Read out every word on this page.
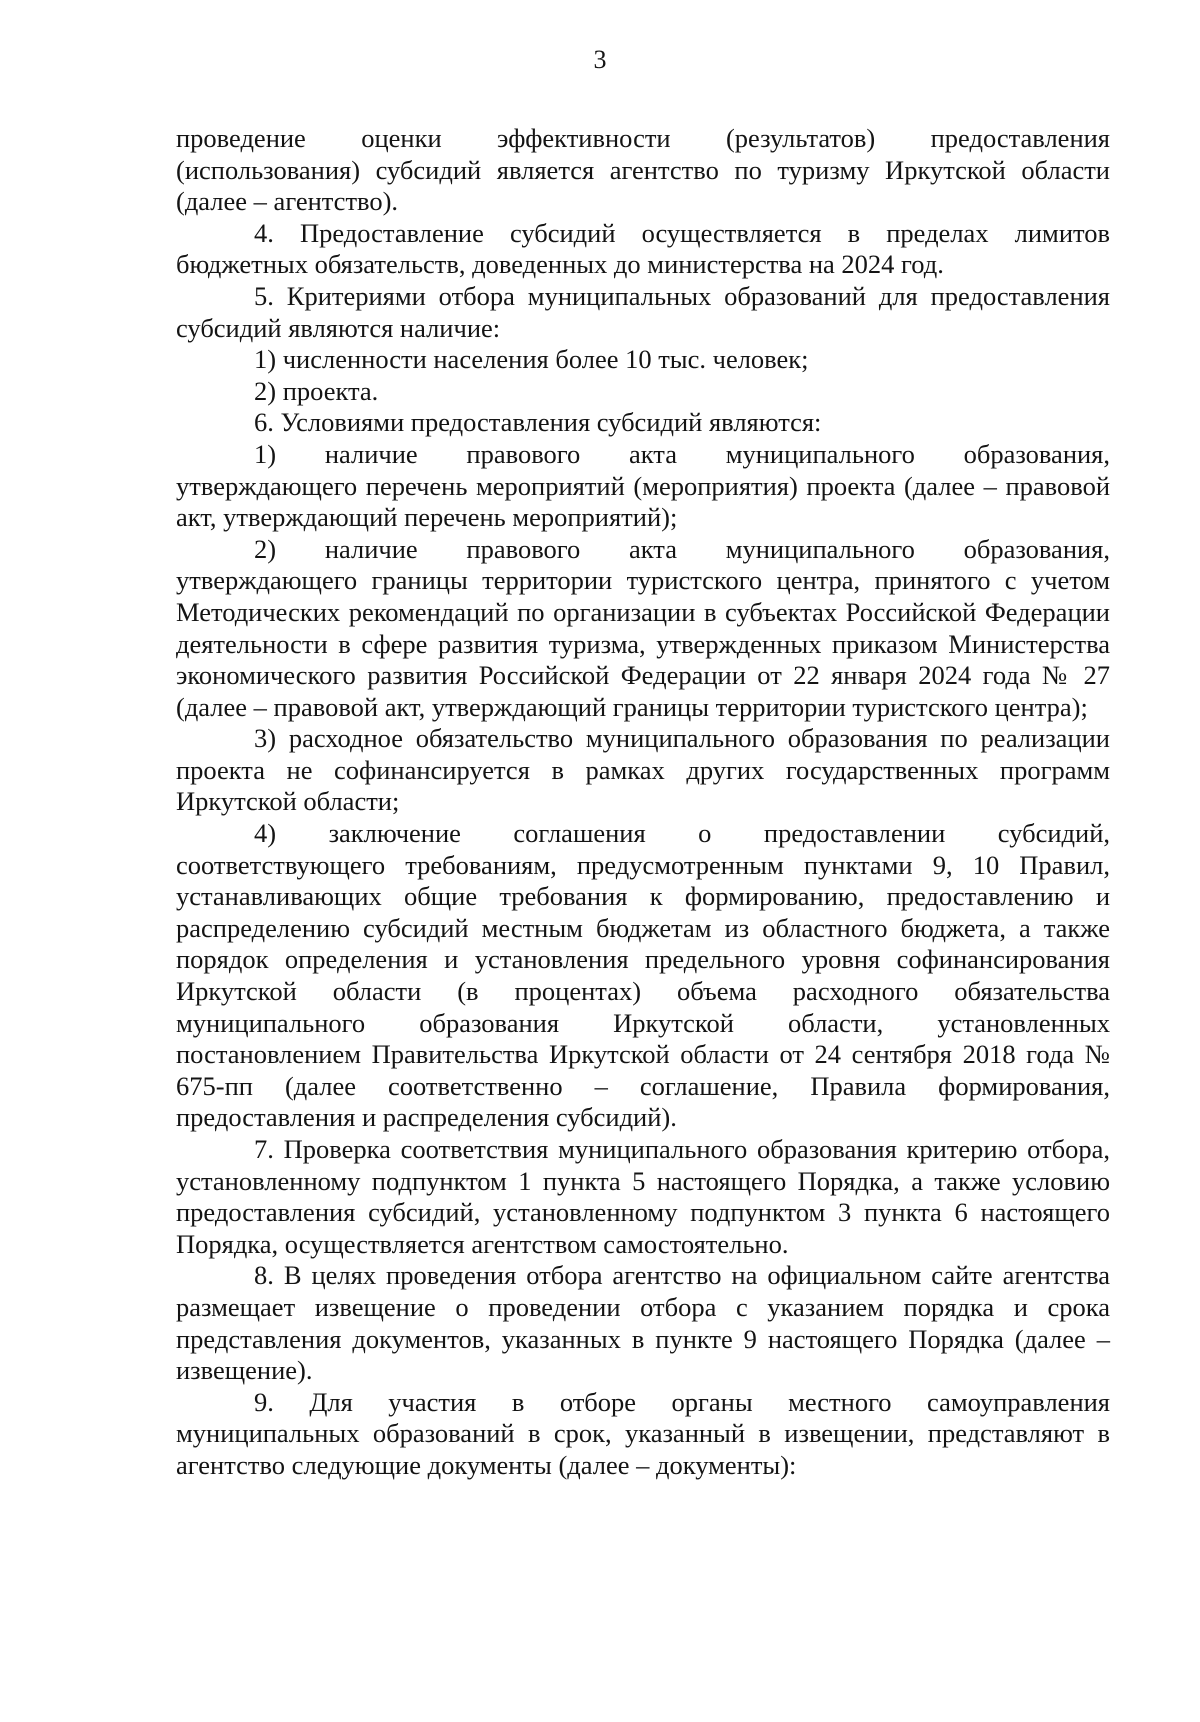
3

проведение оценки эффективности (результатов) предоставления
(использования) субсидий является агентство по туризму Иркутской области (далее – агентство).

4. Предоставление субсидий осуществляется в пределах лимитов бюджетных обязательств, доведенных до министерства на 2024 год.

5. Критериями отбора муниципальных образований для предоставления субсидий являются наличие:

1) численности населения более 10 тыс. человек;

2) проекта.

6. Условиями предоставления субсидий являются:

1) наличие правового акта муниципального образования,
утверждающего перечень мероприятий (мероприятия) проекта (далее – правовой акт, утверждающий перечень мероприятий);

2) наличие правового акта муниципального образования,
утверждающего границы территории туристского центра, принятого с учетом Методических рекомендаций по организации в субъектах Российской Федерации деятельности в сфере развития туризма, утвержденных приказом Министерства экономического развития Российской Федерации от 22 января 2024 года № 27 (далее – правовой акт, утверждающий границы территории туристского центра);

3) расходное обязательство муниципального образования по реализации проекта не софинансируется в рамках других государственных программ Иркутской области;

4) заключение соглашения о предоставлении субсидий,
соответствующего требованиям, предусмотренным пунктами 9, 10 Правил, устанавливающих общие требования к формированию, предоставлению и распределению субсидий местным бюджетам из областного бюджета, а также порядок определения и установления предельного уровня софинансирования Иркутской области (в процентах) объема расходного обязательства муниципального образования Иркутской области, установленных постановлением Правительства Иркутской области от 24 сентября 2018 года № 675-пп (далее соответственно – соглашение, Правила формирования, предоставления и распределения субсидий).

7. Проверка соответствия муниципального образования критерию отбора, установленному подпунктом 1 пункта 5 настоящего Порядка, а также условию предоставления субсидий, установленному подпунктом 3 пункта 6 настоящего Порядка, осуществляется агентством самостоятельно.

8. В целях проведения отбора агентство на официальном сайте агентства размещает извещение о проведении отбора с указанием порядка и срока представления документов, указанных в пункте 9 настоящего Порядка (далее – извещение).

9. Для участия в отборе органы местного самоуправления
муниципальных образований в срок, указанный в извещении, представляют в агентство следующие документы (далее – документы):
